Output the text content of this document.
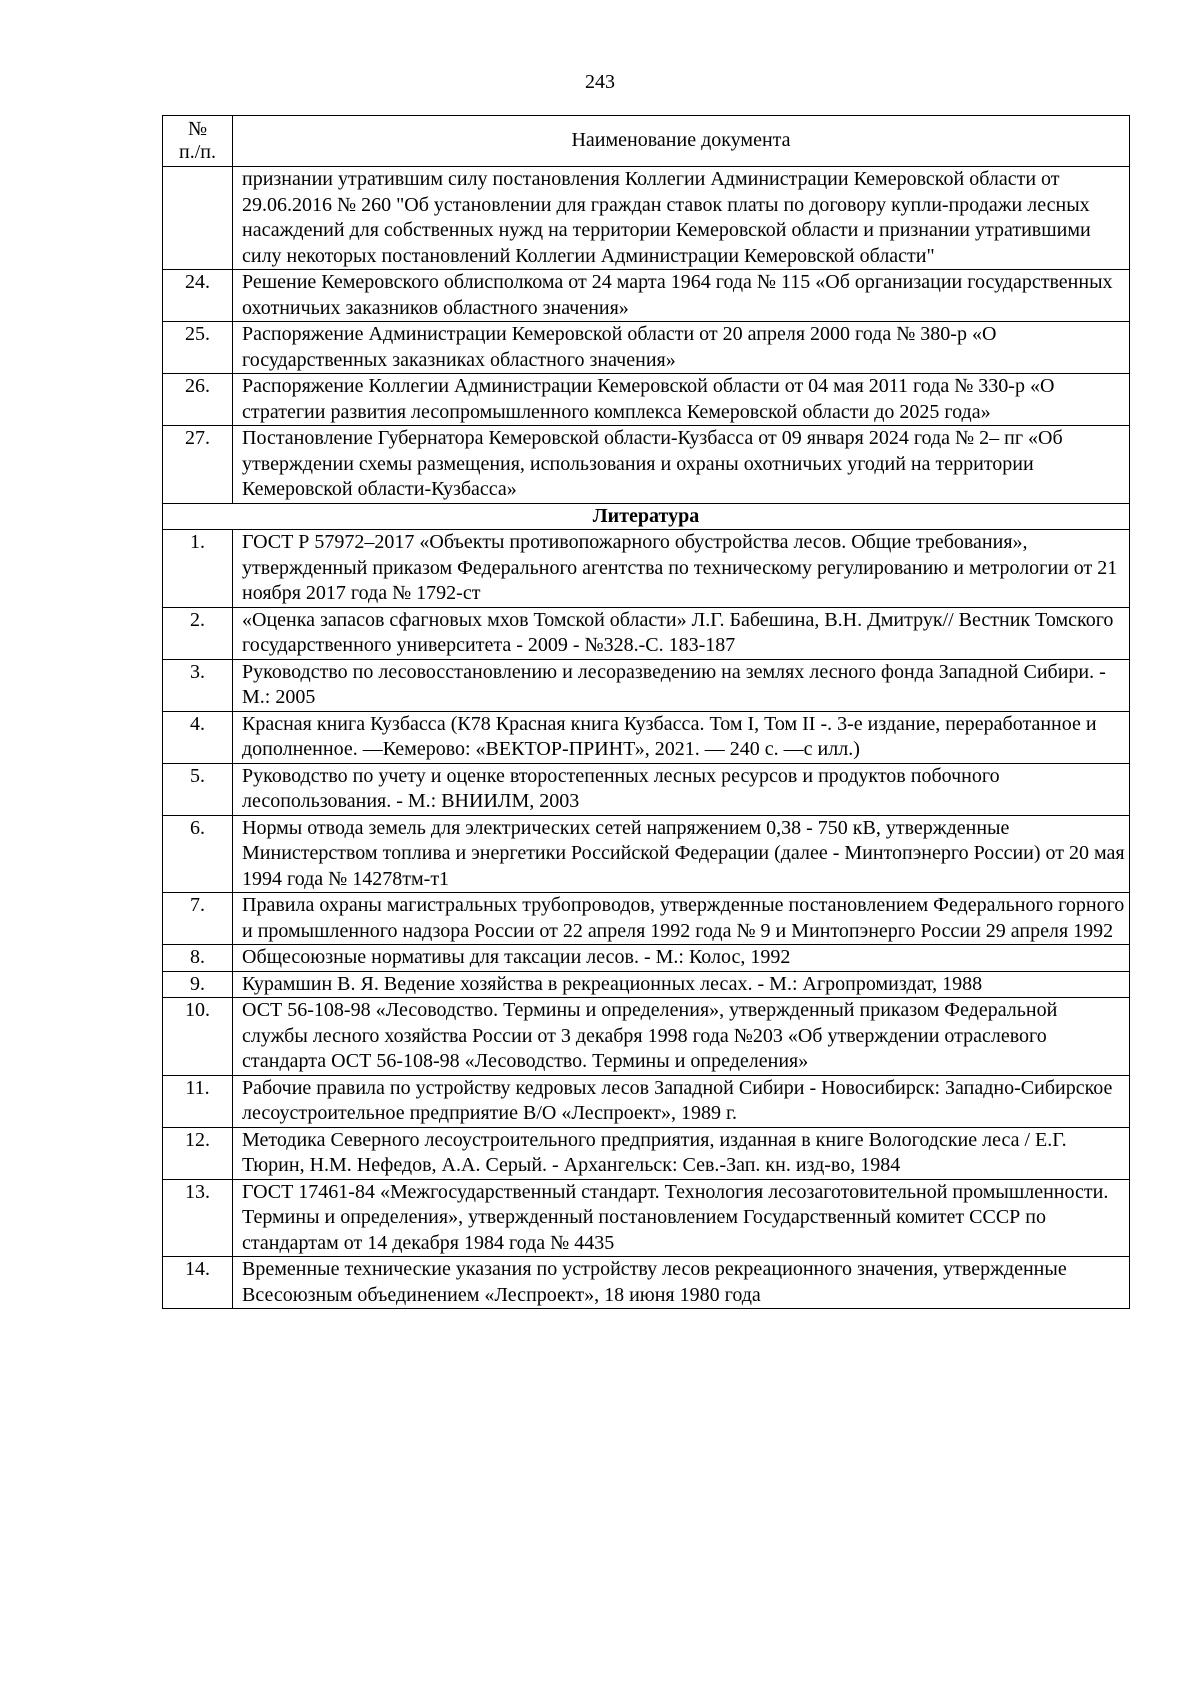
243
№
п./п.	Наименование документа
	признании утратившим силу постановления Коллегии Администрации Кемеровской области от 29.06.2016 № 260 "Об установлении для граждан ставок платы по договору купли-продажи лесных насаждений для собственных нужд на территории Кемеровской области и признании утратившими силу некоторых постановлений Коллегии Администрации Кемеровской области"
24.	Решение Кемеровского облисполкома от 24 марта 1964 года № 115 «Об организации государственных охотничьих заказников областного значения»
25.	Распоряжение Администрации Кемеровской области от 20 апреля 2000 года № 380-р «О государственных заказниках областного значения»
26.	Распоряжение Коллегии Администрации Кемеровской области от 04 мая 2011 года № 330-р «О стратегии развития лесопромышленного комплекса Кемеровской области до 2025 года»
27.	Постановление Губернатора Кемеровской области-Кузбасса от 09 января 2024 года № 2– пг «Об утверждении схемы размещения, использования и охраны охотничьих угодий на территории Кемеровской области-Кузбасса»
Литература	
1.	ГОСТ Р 57972–2017 «Объекты противопожарного обустройства лесов. Общие требования», утвержденный приказом Федерального агентства по техническому регулированию и метрологии от 21 ноября 2017 года № 1792-ст
2.	«Оценка запасов сфагновых мхов Томской области» Л.Г. Бабешина, В.Н. Дмитрук// Вестник Томского государственного университета - 2009 - №328.-С. 183-187
3.	Руководство по лесовосстановлению и лесоразведению на землях лесного фонда Западной Сибири. - М.: 2005
4.	Красная книга Кузбасса (К78 Красная книга Кузбасса. Том I, Том II -. 3-е издание, переработанное и дополненное. —Кемерово: «ВЕКТОР-ПРИНТ», 2021. — 240 с. —с илл.)
5.	Руководство по учету и оценке второстепенных лесных ресурсов и продуктов побочного лесопользования. - М.: ВНИИЛМ, 2003
6.	Нормы отвода земель для электрических сетей напряжением 0,38 - 750 кВ, утвержденные Министерством топлива и энергетики Российской Федерации (далее - Минтопэнерго России) от 20 мая 1994 года № 14278тм-т1
7.	Правила охраны магистральных трубопроводов, утвержденные постановлением Федерального горного и промышленного надзора России от 22 апреля 1992 года № 9 и Минтопэнерго России 29 апреля 1992
8.	Общесоюзные нормативы для таксации лесов. - М.: Колос, 1992
9.	Курамшин В. Я. Ведение хозяйства в рекреационных лесах. - М.: Агропромиздат, 1988
10.	ОСТ 56-108-98 «Лесоводство. Термины и определения», утвержденный приказом Федеральной службы лесного хозяйства России от 3 декабря 1998 года №203 «Об утверждении отраслевого стандарта ОСТ 56-108-98 «Лесоводство. Термины и определения»
11.	Рабочие правила по устройству кедровых лесов Западной Сибири - Новосибирск: Западно-Сибирское лесоустроительное предприятие В/О «Леспроект», 1989 г.
12.	Методика Северного лесоустроительного предприятия, изданная в книге Вологодские леса / Е.Г. Тюрин, Н.М. Нефедов, А.А. Серый. - Архангельск: Сев.-Зап. кн. изд-во, 1984
13.	ГОСТ 17461-84 «Межгосударственный стандарт. Технология лесозаготовительной промышленности. Термины и определения», утвержденный постановлением Государственный комитет СССР по стандартам от 14 декабря 1984 года № 4435
14.	Временные технические указания по устройству лесов рекреационного значения, утвержденные Всесоюзным объединением «Леспроект», 18 июня 1980 года
